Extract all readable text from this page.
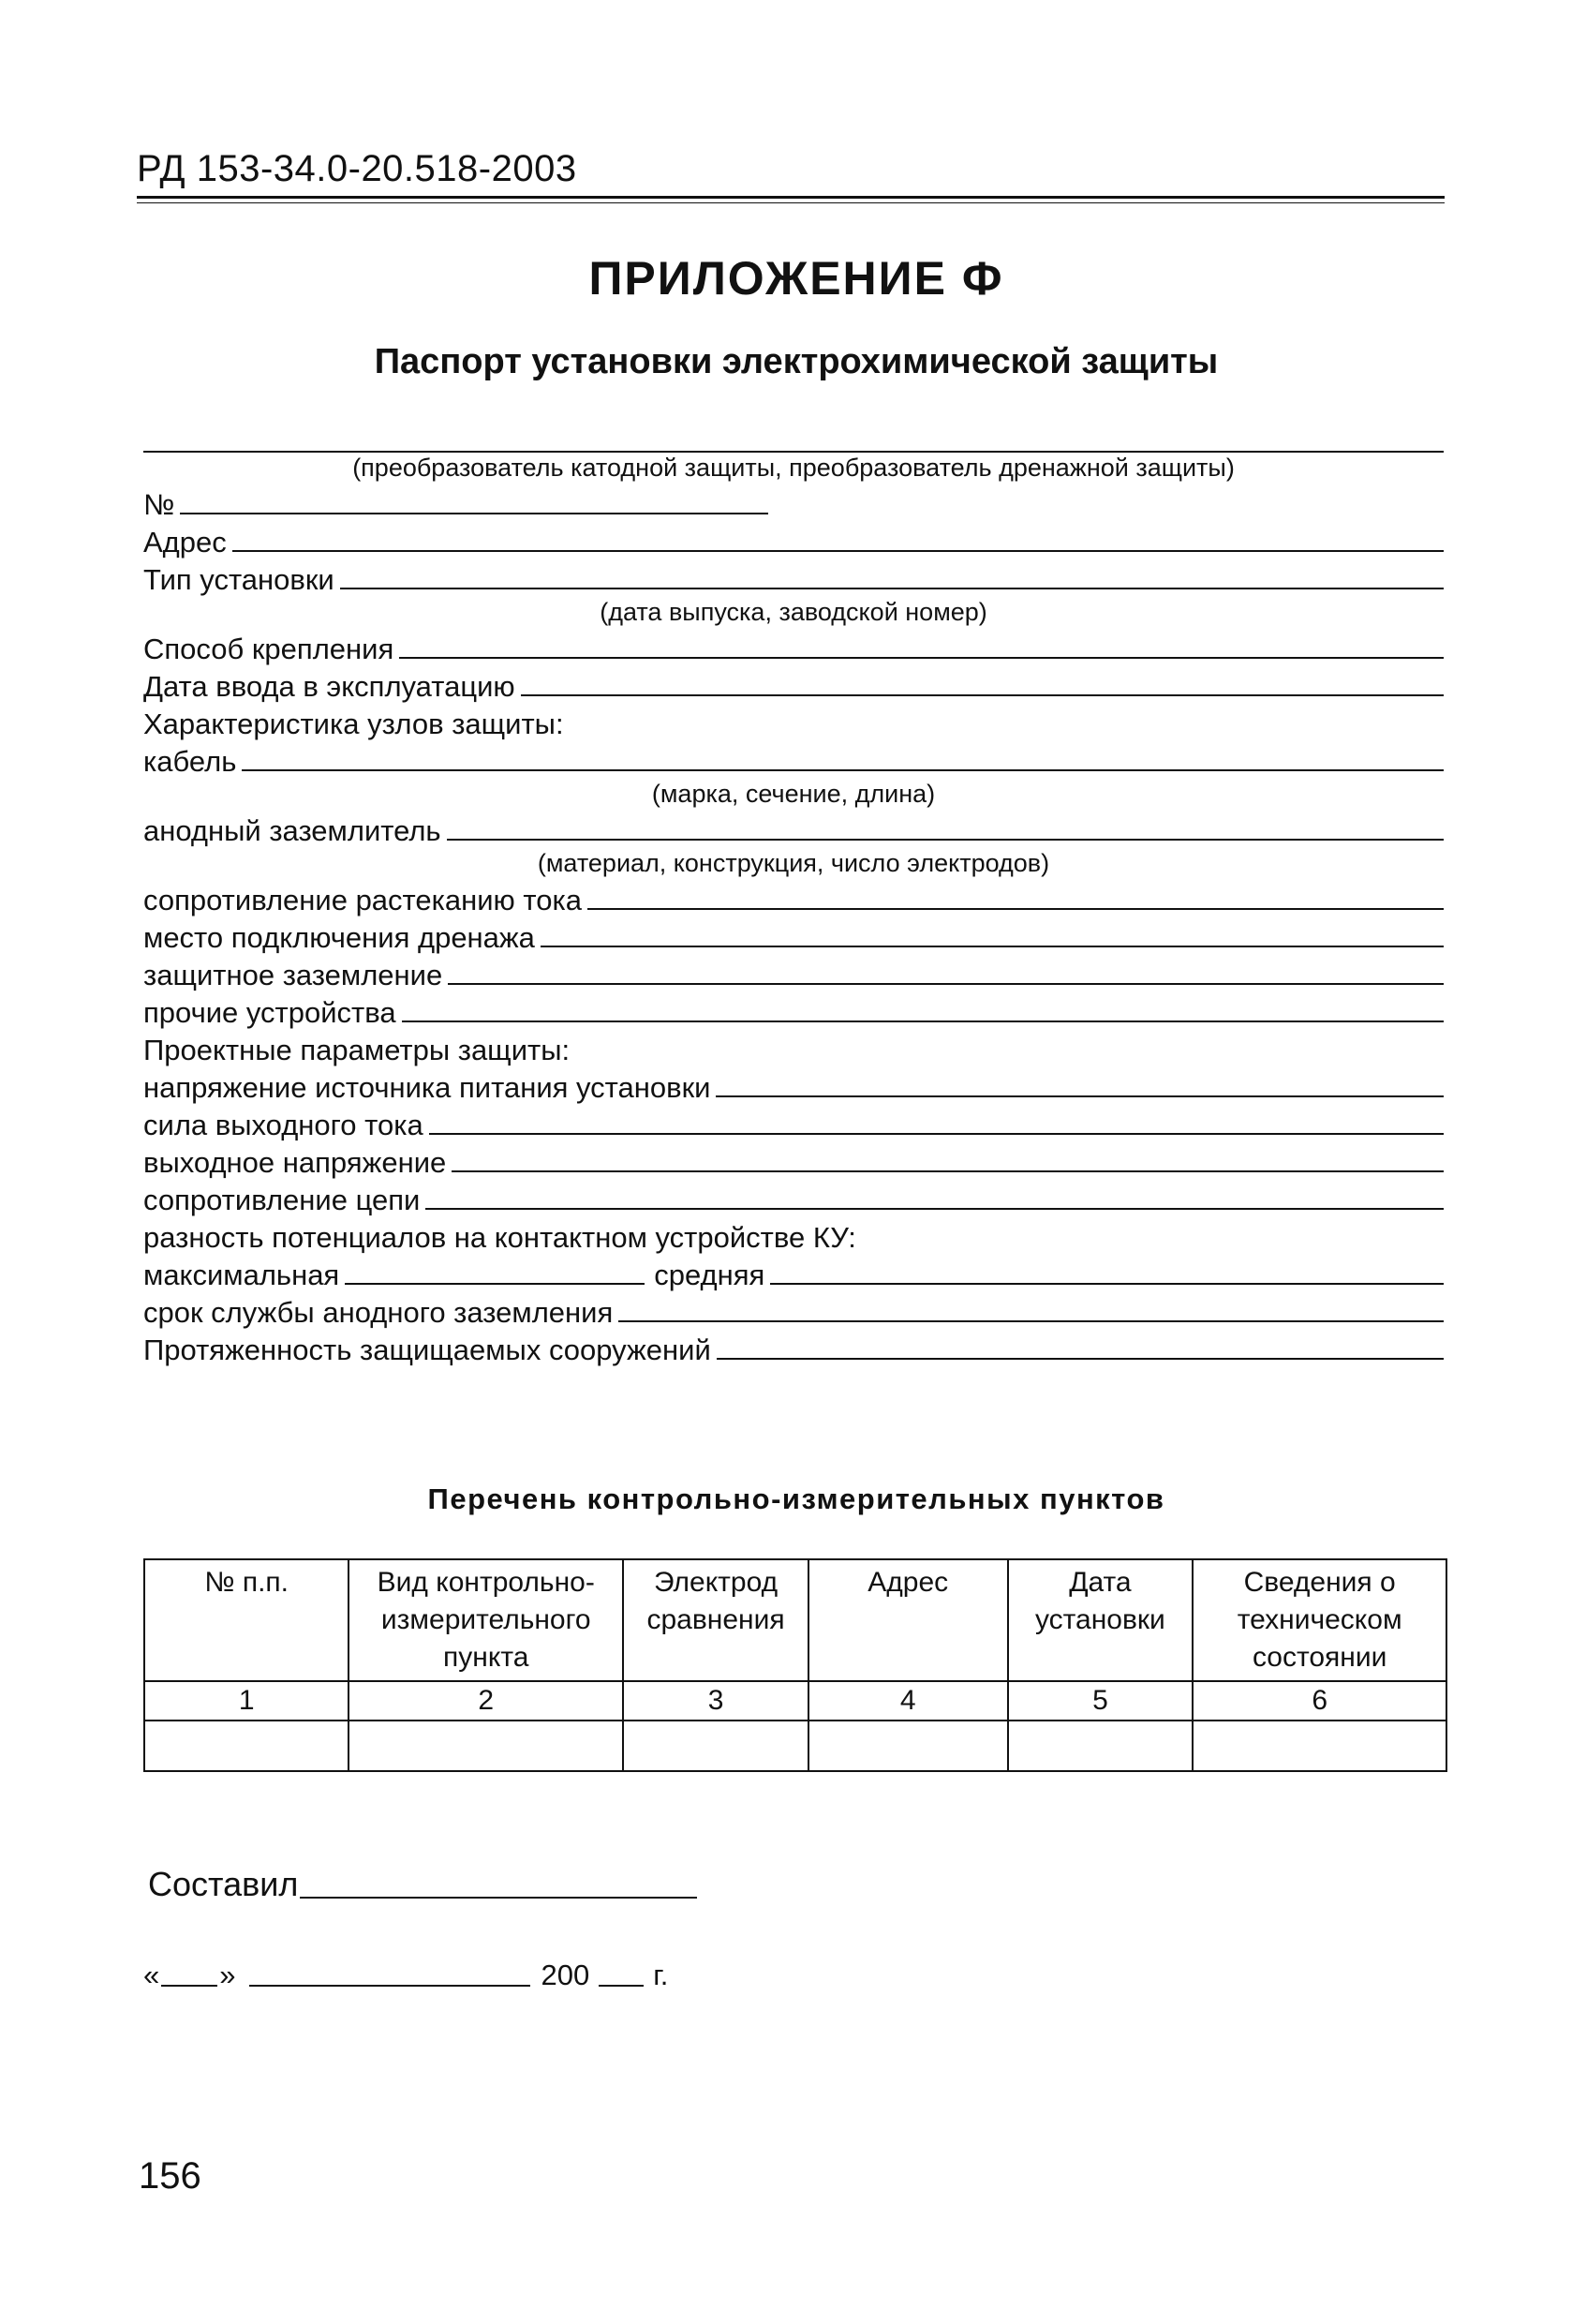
РД 153-34.0-20.518-2003
ПРИЛОЖЕНИЕ Ф
Паспорт установки электрохимической защиты
(преобразователь катодной защиты, преобразователь дренажной защиты)
№
Адрес
Тип установки
(дата выпуска, заводской номер)
Способ крепления
Дата ввода в эксплуатацию
Характеристика узлов защиты:
кабель
(марка, сечение, длина)
анодный заземлитель
(материал, конструкция, число электродов)
сопротивление растеканию тока
место подключения дренажа
защитное заземление
прочие устройства
Проектные параметры защиты:
напряжение источника питания установки
сила выходного тока
выходное напряжение
сопротивление цепи
разность потенциалов на контактном устройстве КУ:
максимальная	средняя
срок службы анодного заземления
Протяженность защищаемых сооружений
Перечень контрольно-измерительных пунктов
№ п.п.	Вид контрольно-измерительного пункта	Электрод сравнения	Адрес	Дата установки	Сведения о техническом состоянии
1	2	3	4	5	6

Составил
« »	200 г.
156
